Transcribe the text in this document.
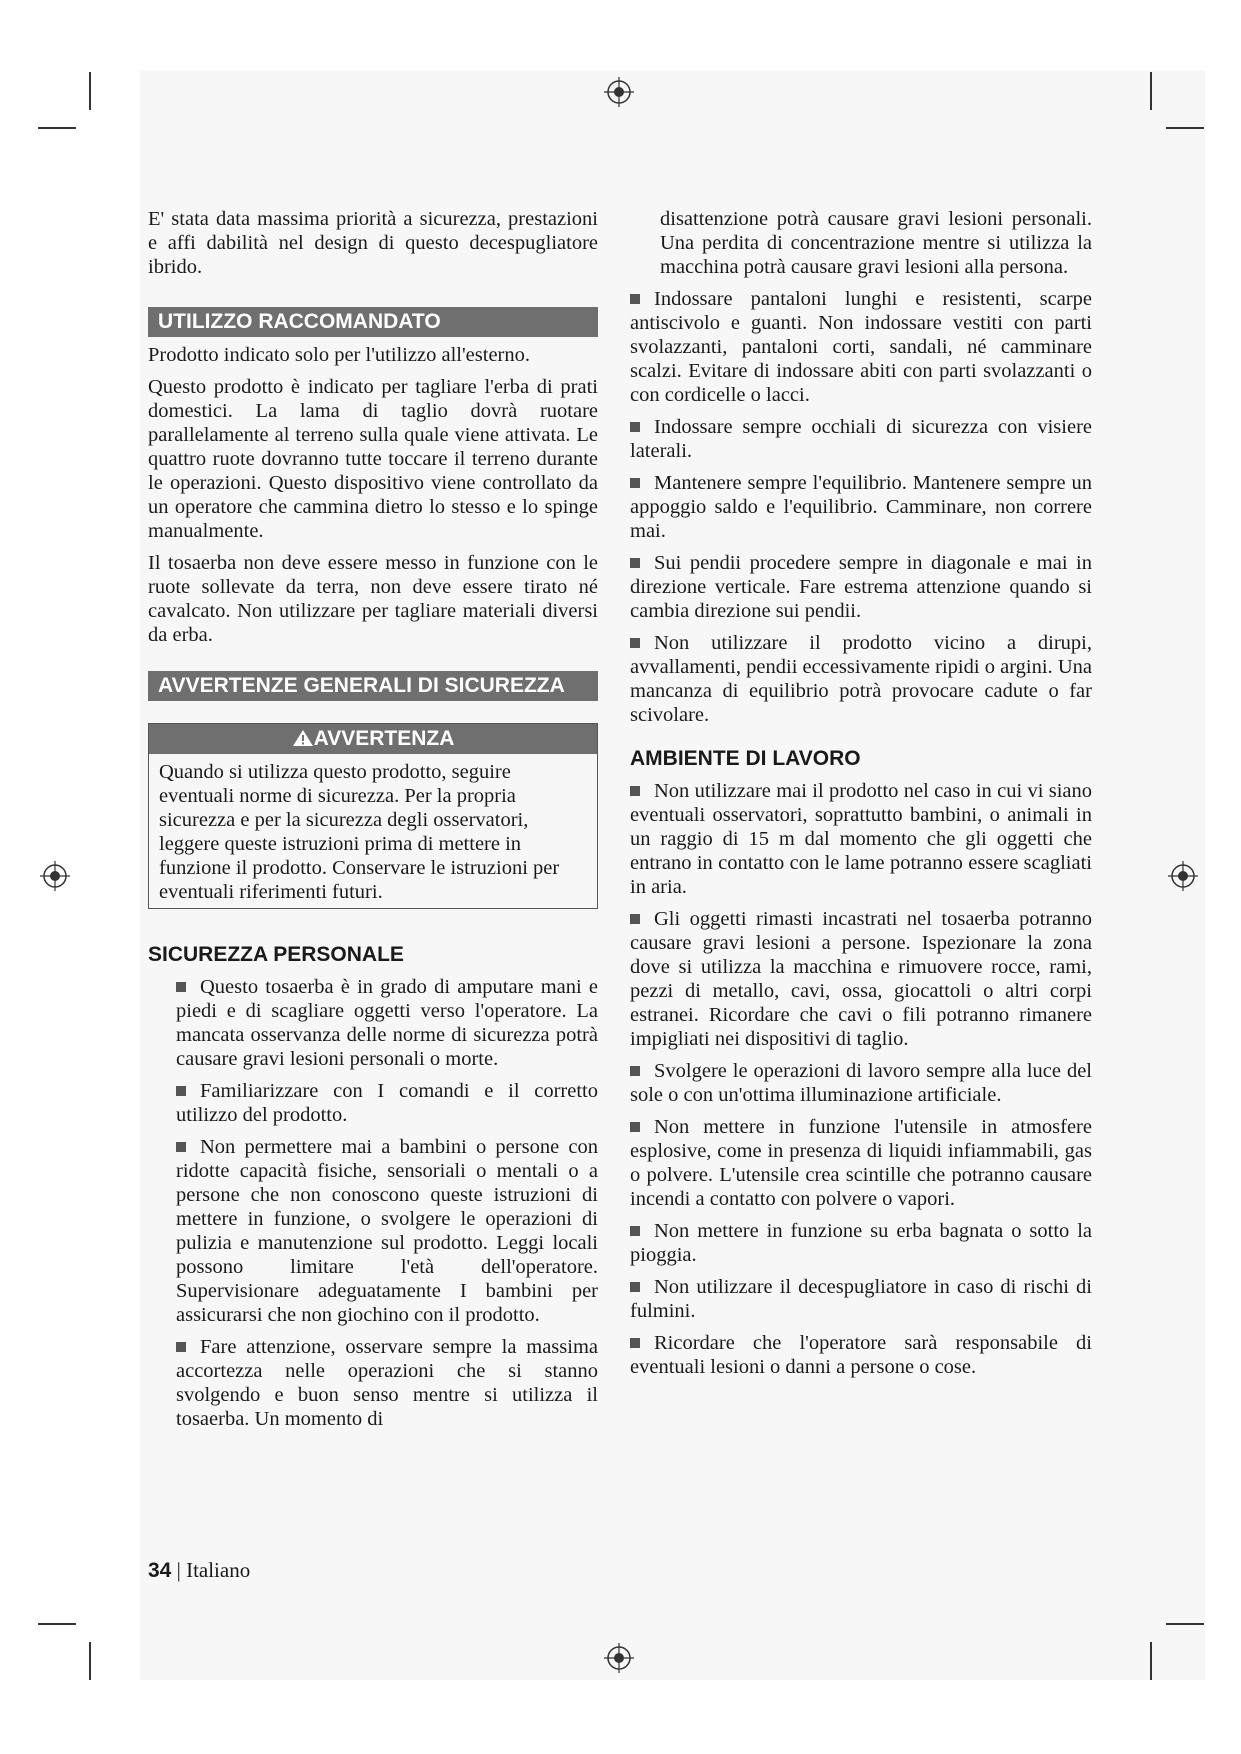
E' stata data massima priorità a sicurezza, prestazioni e affi dabilità nel design di questo decespugliatore ibrido.

UTILIZZO RACCOMANDATO

Prodotto indicato solo per l'utilizzo all'esterno.

Questo prodotto è indicato per tagliare l'erba di prati domestici. La lama di taglio dovrà ruotare parallelamente al terreno sulla quale viene attivata. Le quattro ruote dovranno tutte toccare il terreno durante le operazioni. Questo dispositivo viene controllato da un operatore che cammina dietro lo stesso e lo spinge manualmente.

Il tosaerba non deve essere messo in funzione con le ruote sollevate da terra, non deve essere tirato né cavalcato. Non utilizzare per tagliare materiali diversi da erba.

AVVERTENZE GENERALI DI SICUREZZA
AVVERTENZA
Quando si utilizza questo prodotto, seguire eventuali norme di sicurezza. Per la propria sicurezza e per la sicurezza degli osservatori, leggere queste istruzioni prima di mettere in funzione il prodotto. Conservare le istruzioni per eventuali riferimenti futuri.
SICUREZZA PERSONALE
Questo tosaerba è in grado di amputare mani e piedi e di scagliare oggetti verso l'operatore. La mancata osservanza delle norme di sicurezza potrà causare gravi lesioni personali o morte.
Familiarizzare con I comandi e il corretto utilizzo del prodotto.
Non permettere mai a bambini o persone con ridotte capacità fisiche, sensoriali o mentali o a persone che non conoscono queste istruzioni di mettere in funzione, o svolgere le operazioni di pulizia e manutenzione sul prodotto. Leggi locali possono limitare l'età dell'operatore. Supervisionare adeguatamente I bambini per assicurarsi che non giochino con il prodotto.
Fare attenzione, osservare sempre la massima accortezza nelle operazioni che si stanno svolgendo e buon senso mentre si utilizza il tosaerba. Un momento di

disattenzione potrà causare gravi lesioni personali. Una perdita di concentrazione mentre si utilizza la macchina potrà causare gravi lesioni alla persona.

Indossare pantaloni lunghi e resistenti, scarpe antiscivolo e guanti. Non indossare vestiti con parti svolazzanti, pantaloni corti, sandali, né camminare scalzi. Evitare di indossare abiti con parti svolazzanti o con cordicelle o lacci.
Indossare sempre occhiali di sicurezza con visiere laterali.
Mantenere sempre l'equilibrio. Mantenere sempre un appoggio saldo e l'equilibrio. Camminare, non correre mai.
Sui pendii procedere sempre in diagonale e mai in direzione verticale. Fare estrema attenzione quando si cambia direzione sui pendii.
Non utilizzare il prodotto vicino a dirupi, avvallamenti, pendii eccessivamente ripidi o argini. Una mancanza di equilibrio potrà provocare cadute o far scivolare.
AMBIENTE DI LAVORO
Non utilizzare mai il prodotto nel caso in cui vi siano eventuali osservatori, soprattutto bambini, o animali in un raggio di 15 m dal momento che gli oggetti che entrano in contatto con le lame potranno essere scagliati in aria.
Gli oggetti rimasti incastrati nel tosaerba potranno causare gravi lesioni a persone. Ispezionare la zona dove si utilizza la macchina e rimuovere rocce, rami, pezzi di metallo, cavi, ossa, giocattoli o altri corpi estranei. Ricordare che cavi o fili potranno rimanere impigliati nei dispositivi di taglio.
Svolgere le operazioni di lavoro sempre alla luce del sole o con un'ottima illuminazione artificiale.
Non mettere in funzione l'utensile in atmosfere esplosive, come in presenza di liquidi infiammabili, gas o polvere. L'utensile crea scintille che potranno causare incendi a contatto con polvere o vapori.
Non mettere in funzione su erba bagnata o sotto la pioggia.
Non utilizzare il decespugliatore in caso di rischi di fulmini.
Ricordare che l'operatore sarà responsabile di eventuali lesioni o danni a persone o cose.
34 | Italiano
